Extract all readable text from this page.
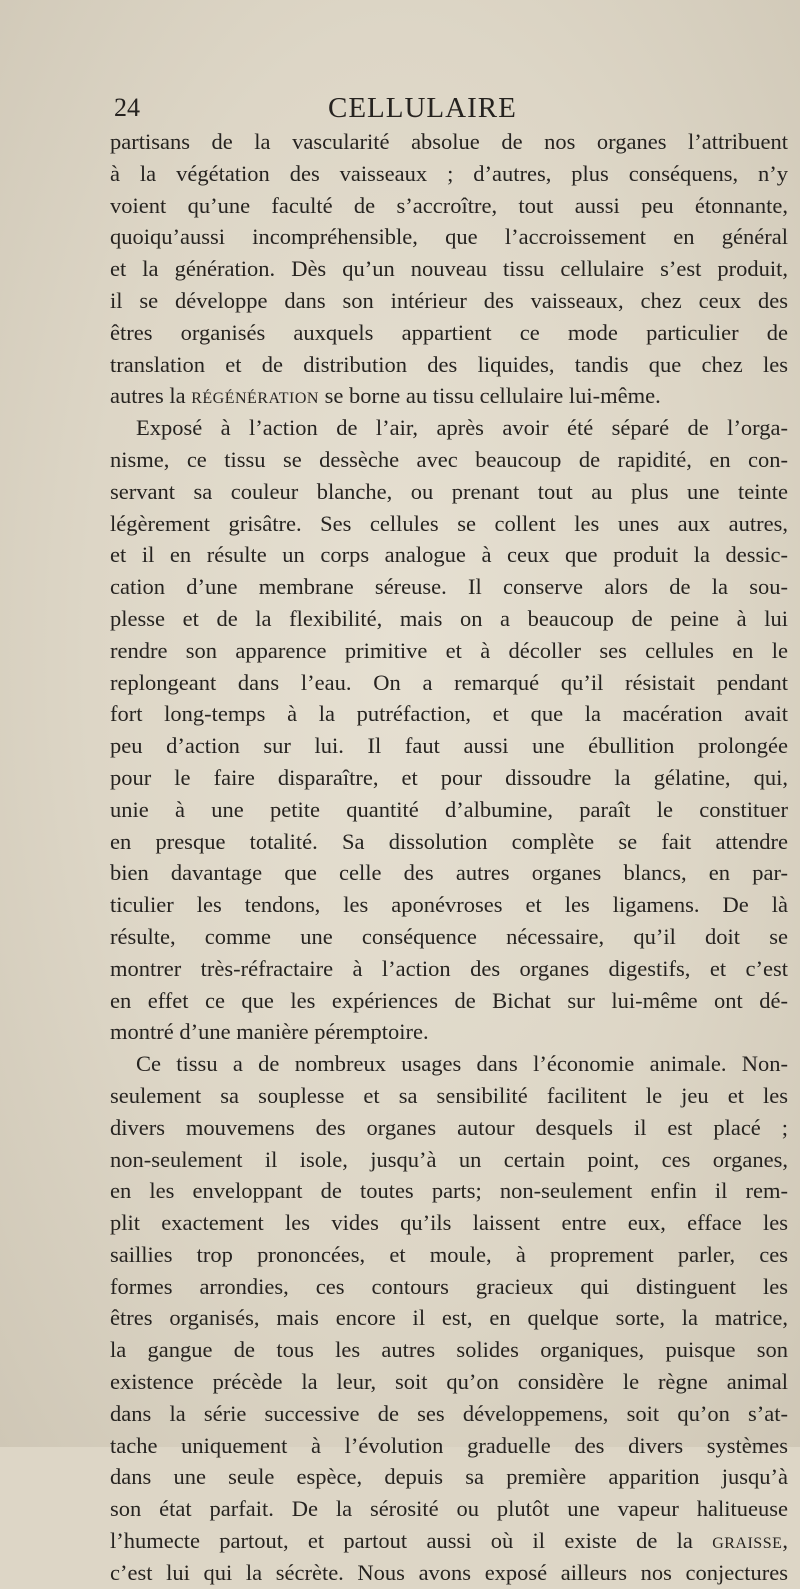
24	CELLULAIRE
partisans de la vascularité absolue de nos organes l’attribuent
à la végétation des vaisseaux ; d’autres, plus conséquens, n’y
voient qu’une faculté de s’accroître, tout aussi peu étonnante,
quoiqu’aussi incompréhensible, que l’accroissement en général
et la génération. Dès qu’un nouveau tissu cellulaire s’est produit,
il se développe dans son intérieur des vaisseaux, chez ceux des
êtres organisés auxquels appartient ce mode particulier de
translation et de distribution des liquides, tandis que chez les
autres la RÉGÉNÉRATION se borne au tissu cellulaire lui-même.
Exposé à l’action de l’air, après avoir été séparé de l’orga-
nisme, ce tissu se dessèche avec beaucoup de rapidité, en con-
servant sa couleur blanche, ou prenant tout au plus une teinte
légèrement grisâtre. Ses cellules se collent les unes aux autres,
et il en résulte un corps analogue à ceux que produit la dessic-
cation d’une membrane séreuse. Il conserve alors de la sou-
plesse et de la flexibilité, mais on a beaucoup de peine à lui
rendre son apparence primitive et à décoller ses cellules en le
replongeant dans l’eau. On a remarqué qu’il résistait pendant
fort long-temps à la putréfaction, et que la macération avait
peu d’action sur lui. Il faut aussi une ébullition prolongée
pour le faire disparaître, et pour dissoudre la gélatine, qui,
unie à une petite quantité d’albumine, paraît le constituer
en presque totalité. Sa dissolution complète se fait attendre
bien davantage que celle des autres organes blancs, en par-
ticulier les tendons, les aponévroses et les ligamens. De là
résulte, comme une conséquence nécessaire, qu’il doit se
montrer très-réfractaire à l’action des organes digestifs, et c’est
en effet ce que les expériences de Bichat sur lui-même ont dé-
montré d’une manière péremptoire.
Ce tissu a de nombreux usages dans l’économie animale. Non-
seulement sa souplesse et sa sensibilité facilitent le jeu et les
divers mouvemens des organes autour desquels il est placé ;
non-seulement il isole, jusqu’à un certain point, ces organes,
en les enveloppant de toutes parts; non-seulement enfin il rem-
plit exactement les vides qu’ils laissent entre eux, efface les
saillies trop prononcées, et moule, à proprement parler, ces
formes arrondies, ces contours gracieux qui distinguent les
êtres organisés, mais encore il est, en quelque sorte, la matrice,
la gangue de tous les autres solides organiques, puisque son
existence précède la leur, soit qu’on considère le règne animal
dans la série successive de ses développemens, soit qu’on s’at-
tache uniquement à l’évolution graduelle des divers systèmes
dans une seule espèce, depuis sa première apparition jusqu’à
son état parfait. De la sérosité ou plutôt une vapeur halitueuse
l’humecte partout, et partout aussi où il existe de la GRAISSE,
c’est lui qui la sécrète. Nous avons exposé ailleurs nos conjectures
